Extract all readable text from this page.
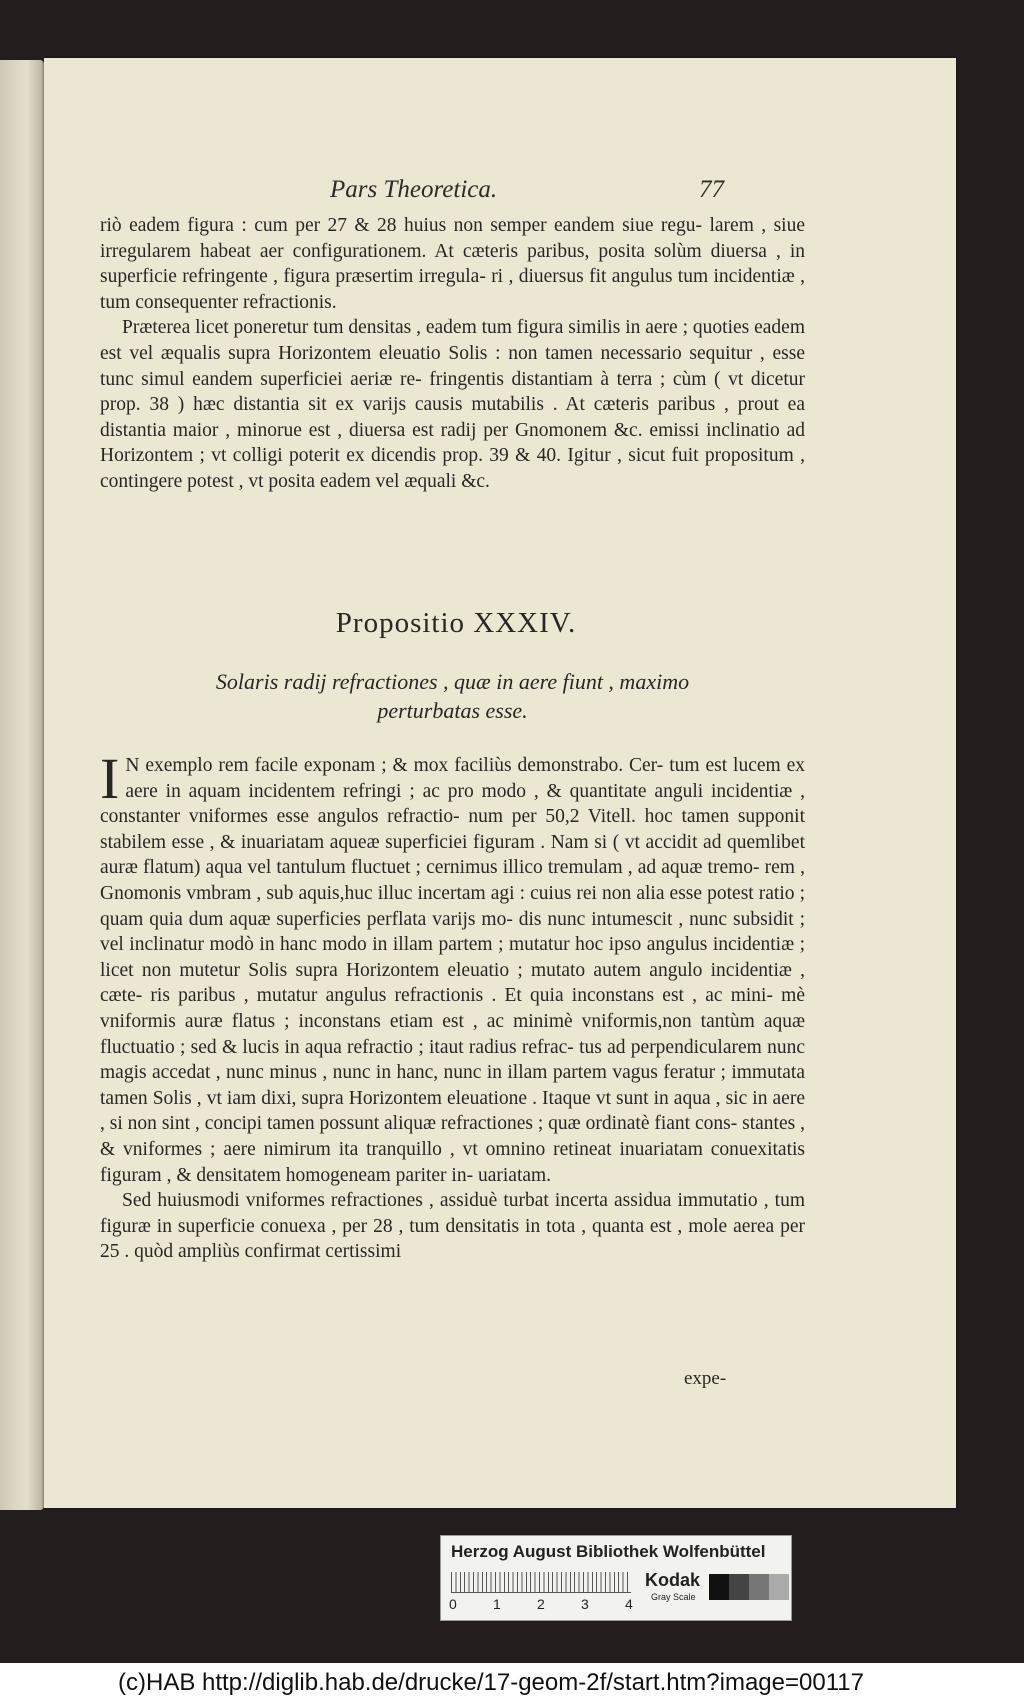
Pars Theoretica.	77

riò eadem figura : cum per 27 & 28 huius non semper eandem siue regu- larem , siue irregularem habeat aer configurationem. At cæteris paribus, posita solùm diuersa , in superficie refringente , figura præsertim irregula- ri , diuersus fit angulus tum incidentiæ , tum consequenter refractionis.

Præterea licet poneretur tum densitas , eadem tum figura similis in aere ; quoties eadem est vel æqualis supra Horizontem eleuatio Solis : non tamen necessario sequitur , esse tunc simul eandem superficiei aeriæ re- fringentis distantiam à terra ; cùm ( vt dicetur prop. 38 ) hæc distantia sit ex varijs causis mutabilis . At cæteris paribus , prout ea distantia maior , minorue est , diuersa est radij per Gnomonem &c. emissi inclinatio ad Horizontem ; vt colligi poterit ex dicendis prop. 39 & 40. Igitur , sicut fuit propositum , contingere potest , vt posita eadem vel æquali &c.

Propositio XXXIV.
Solaris radij refractiones , quæ in aere fiunt , maximo
perturbatas esse.

I N exemplo rem facile exponam ; & mox faciliùs demonstrabo. Cer- tum est lucem ex aere in aquam incidentem refringi ; ac pro modo , & quantitate anguli incidentiæ , constanter vniformes esse angulos refractio- num per 50,2 Vitell. hoc tamen supponit stabilem esse , & inuariatam aqueæ superficiei figuram . Nam si ( vt accidit ad quemlibet auræ flatum) aqua vel tantulum fluctuet ; cernimus illico tremulam , ad aquæ tremo- rem , Gnomonis vmbram , sub aquis,huc illuc incertam agi : cuius rei non alia esse potest ratio ; quam quia dum aquæ superficies perflata varijs mo- dis nunc intumescit , nunc subsidit ; vel inclinatur modò in hanc modo in illam partem ; mutatur hoc ipso angulus incidentiæ ; licet non mutetur Solis supra Horizontem eleuatio ; mutato autem angulo incidentiæ , cæte- ris paribus , mutatur angulus refractionis . Et quia inconstans est , ac mini- mè vniformis auræ flatus ; inconstans etiam est , ac minimè vniformis,non tantùm aquæ fluctuatio ; sed & lucis in aqua refractio ; itaut radius refrac- tus ad perpendicularem nunc magis accedat , nunc minus , nunc in hanc, nunc in illam partem vagus feratur ; immutata tamen Solis , vt iam dixi, supra Horizontem eleuatione . Itaque vt sunt in aqua , sic in aere , si non sint , concipi tamen possunt aliquæ refractiones ; quæ ordinatè fiant cons- stantes , & vniformes ; aere nimirum ita tranquillo , vt omnino retineat inuariatam conuexitatis figuram , & densitatem homogeneam pariter in- uariatam.

Sed huiusmodi vniformes refractiones , assiduè turbat incerta assidua immutatio , tum figuræ in superficie conuexa , per 28 , tum densitatis in tota , quanta est , mole aerea per 25 . quòd ampliùs confirmat certissimi

expe-
Herzog August Bibliothek Wolfenbüttel
0	1	2	3	4
Kodak
Gray Scale
(c)HAB http://diglib.hab.de/drucke/17-geom-2f/start.htm?image=00117
